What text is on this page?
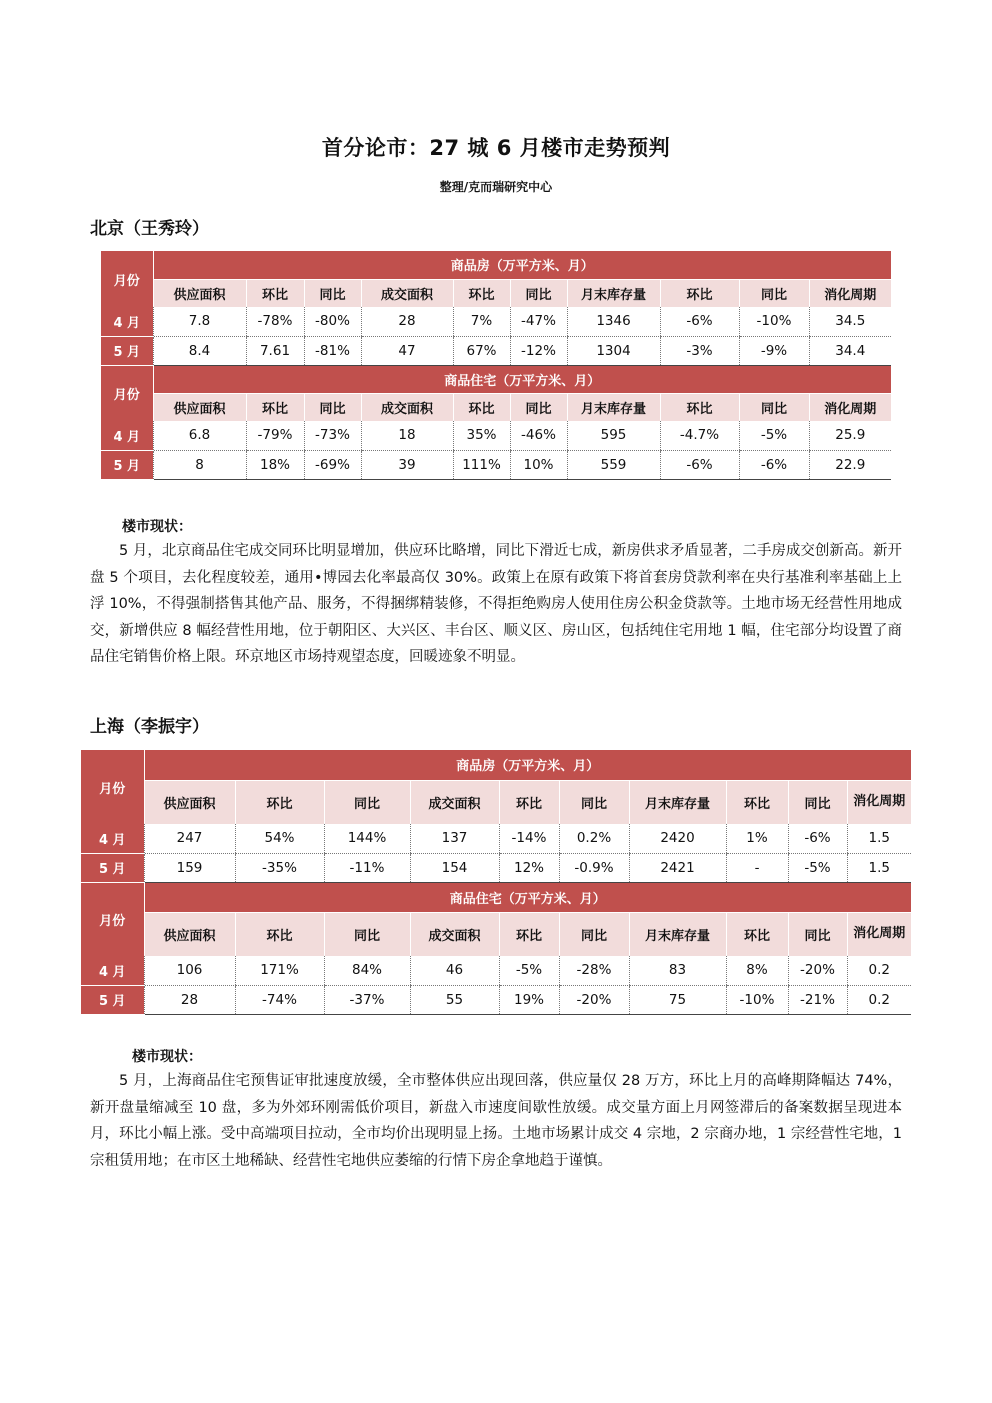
首分论市：27 城 6 月楼市走势预判
整理/克而瑞研究中心
北京（王秀玲）
月份	商品房（万平方米、月）									
	供应面积	环比	同比	成交面积	环比	同比	月末库存量	环比	同比	消化周期
4 月	7.8	-78%	-80%	28	7%	-47%	1346	-6%	-10%	34.5
5 月	8.4	7.61	-81%	47	67%	-12%	1304	-3%	-9%	34.4
月份	商品住宅（万平方米、月）									
	供应面积	环比	同比	成交面积	环比	同比	月末库存量	环比	同比	消化周期
4 月	6.8	-79%	-73%	18	35%	-46%	595	-4.7%	-5%	25.9
5 月	8	18%	-69%	39	111%	10%	559	-6%	-6%	22.9
楼市现状：
5 月，北京商品住宅成交同环比明显增加，供应环比略增，同比下滑近七成，新房供求矛盾显著，二手房成交创新高。新开盘 5 个项目，去化程度较差，通用•博园去化率最高仅 30%。政策上在原有政策下将首套房贷款利率在央行基准利率基础上上浮 10%，不得强制搭售其他产品、服务，不得捆绑精装修，不得拒绝购房人使用住房公积金贷款等。土地市场无经营性用地成交，新增供应 8 幅经营性用地，位于朝阳区、大兴区、丰台区、顺义区、房山区，包括纯住宅用地 1 幅，住宅部分均设置了商品住宅销售价格上限。环京地区市场持观望态度，回暖迹象不明显。
上海（李振宇）
月份	商品房（万平方米、月）									
	供应面积	环比	同比	成交面积	环比	同比	月末库存量	环比	同比	消化周期
4 月	247	54%	144%	137	-14%	0.2%	2420	1%	-6%	1.5
5 月	159	-35%	-11%	154	12%	-0.9%	2421	-	-5%	1.5
月份	商品住宅（万平方米、月）									
	供应面积	环比	同比	成交面积	环比	同比	月末库存量	环比	同比	消化周期
4 月	106	171%	84%	46	-5%	-28%	83	8%	-20%	0.2
5 月	28	-74%	-37%	55	19%	-20%	75	-10%	-21%	0.2
楼市现状：
5 月，上海商品住宅预售证审批速度放缓，全市整体供应出现回落，供应量仅 28 万方，环比上月的高峰期降幅达 74%，新开盘量缩减至 10 盘，多为外郊环刚需低价项目，新盘入市速度间歇性放缓。成交量方面上月网签滞后的备案数据呈现进本月，环比小幅上涨。受中高端项目拉动，全市均价出现明显上扬。土地市场累计成交 4 宗地，2 宗商办地，1 宗经营性宅地，1 宗租赁用地；在市区土地稀缺、经营性宅地供应萎缩的行情下房企拿地趋于谨慎。
